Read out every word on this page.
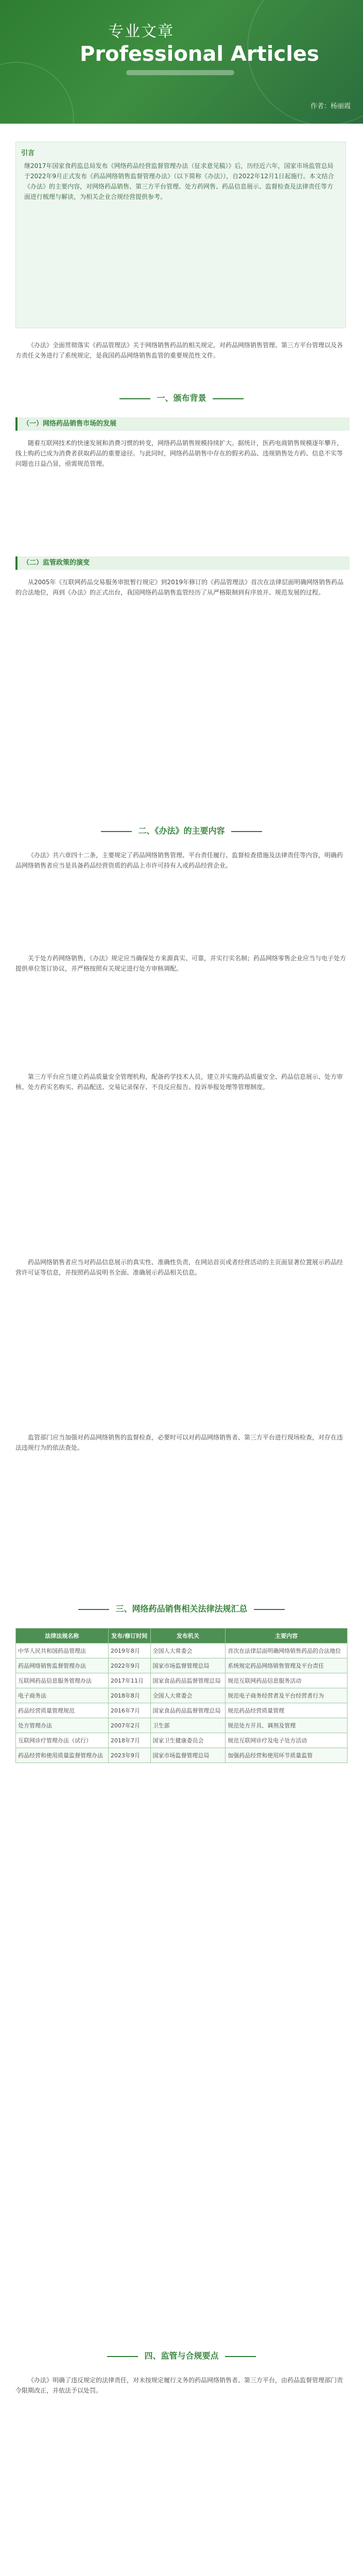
专业文章
Professional Articles
作者：杨丽霞
引言
继2017年国家食药监总局发布《网络药品经营监督管理办法（征求意见稿）》后，历经近六年，国家市场监管总局于2022年9月正式发布《药品网络销售监督管理办法》（以下简称《办法》），自2022年12月1日起施行。本文结合《办法》的主要内容，对网络药品销售、第三方平台管理、处方药网售、药品信息展示、监督检查及法律责任等方面进行梳理与解读，为相关企业合规经营提供参考。
《办法》全面贯彻落实《药品管理法》关于网络销售药品的相关规定，对药品网络销售管理、第三方平台管理以及各方责任义务进行了系统规定，是我国药品网络销售监管的重要规范性文件。
一、颁布背景
（一）网络药品销售市场的发展
随着互联网技术的快速发展和消费习惯的转变，网络药品销售规模持续扩大。据统计，医药电商销售规模逐年攀升，线上购药已成为消费者获取药品的重要途径。与此同时，网络药品销售中存在的假劣药品、违规销售处方药、信息不实等问题也日益凸显，亟需规范管理。
（二）监管政策的演变
从2005年《互联网药品交易服务审批暂行规定》到2019年修订的《药品管理法》首次在法律层面明确网络销售药品的合法地位，再到《办法》的正式出台，我国网络药品销售监管经历了从严格限制到有序放开、规范发展的过程。
二、《办法》的主要内容
《办法》共六章四十二条，主要规定了药品网络销售管理、平台责任履行、监督检查措施及法律责任等内容，明确药品网络销售者应当是具备药品经营资质的药品上市许可持有人或药品经营企业。
关于处方药网络销售，《办法》规定应当确保处方来源真实、可靠，并实行实名制；药品网络零售企业应当与电子处方提供单位签订协议，并严格按照有关规定进行处方审核调配。
第三方平台应当建立药品质量安全管理机构，配备药学技术人员，建立并实施药品质量安全、药品信息展示、处方审核、处方药实名购买、药品配送、交易记录保存、不良反应报告、投诉举报处理等管理制度。
药品网络销售者应当对药品信息展示的真实性、准确性负责，在网站首页或者经营活动的主页面显著位置展示药品经营许可证等信息，并按照药品说明书全面、准确展示药品相关信息。
监管部门应当加强对药品网络销售的监督检查，必要时可以对药品网络销售者、第三方平台进行现场检查，对存在违法违规行为的依法查处。
三、网络药品销售相关法律法规汇总
法律法规名称	发布/修订时间	发布机关	主要内容
中华人民共和国药品管理法	2019年8月	全国人大常委会	首次在法律层面明确网络销售药品的合法地位
药品网络销售监督管理办法	2022年9月	国家市场监督管理总局	系统规定药品网络销售管理及平台责任
互联网药品信息服务管理办法	2017年11月	国家食品药品监督管理总局	规范互联网药品信息服务活动
电子商务法	2018年8月	全国人大常委会	规范电子商务经营者及平台经营者行为
药品经营质量管理规范	2016年7月	国家食品药品监督管理总局	规范药品经营质量管理
处方管理办法	2007年2月	卫生部	规范处方开具、调剂及管理
互联网诊疗管理办法（试行）	2018年7月	国家卫生健康委员会	规范互联网诊疗及电子处方活动
药品经营和使用质量监督管理办法	2023年9月	国家市场监督管理总局	加强药品经营和使用环节质量监管
四、监管与合规要点
《办法》明确了违反规定的法律责任，对未按规定履行义务的药品网络销售者、第三方平台，由药品监督管理部门责令限期改正，并依法予以处罚。
